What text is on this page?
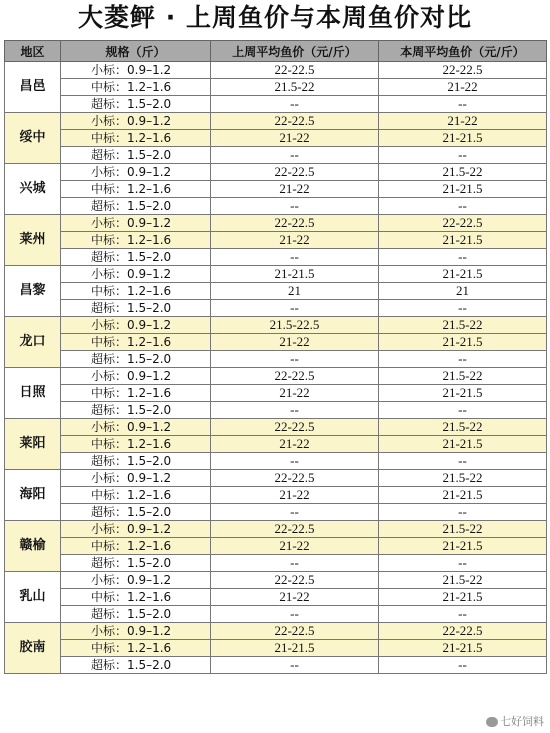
大菱鲆 · 上周鱼价与本周鱼价对比
地区	规格（斤）	上周平均鱼价（元/斤）	本周平均鱼价（元/斤）
昌邑	小标：0.9–1.2	22-22.5	22-22.5
	中标：1.2–1.6	21.5-22	21-22
	超标：1.5–2.0	--	--
绥中	小标：0.9–1.2	22-22.5	21-22
	中标：1.2–1.6	21-22	21-21.5
	超标：1.5–2.0	--	--
兴城	小标：0.9–1.2	22-22.5	21.5-22
	中标：1.2–1.6	21-22	21-21.5
	超标：1.5–2.0	--	--
莱州	小标：0.9–1.2	22-22.5	22-22.5
	中标：1.2–1.6	21-22	21-21.5
	超标：1.5–2.0	--	--
昌黎	小标：0.9–1.2	21-21.5	21-21.5
	中标：1.2–1.6	21	21
	超标：1.5–2.0	--	--
龙口	小标：0.9–1.2	21.5-22.5	21.5-22
	中标：1.2–1.6	21-22	21-21.5
	超标：1.5–2.0	--	--
日照	小标：0.9–1.2	22-22.5	21.5-22
	中标：1.2–1.6	21-22	21-21.5
	超标：1.5–2.0	--	--
莱阳	小标：0.9–1.2	22-22.5	21.5-22
	中标：1.2–1.6	21-22	21-21.5
	超标：1.5–2.0	--	--
海阳	小标：0.9–1.2	22-22.5	21.5-22
	中标：1.2–1.6	21-22	21-21.5
	超标：1.5–2.0	--	--
赣榆	小标：0.9–1.2	22-22.5	21.5-22
	中标：1.2–1.6	21-22	21-21.5
	超标：1.5–2.0	--	--
乳山	小标：0.9–1.2	22-22.5	21.5-22
	中标：1.2–1.6	21-22	21-21.5
	超标：1.5–2.0	--	--
胶南	小标：0.9–1.2	22-22.5	22-22.5
	中标：1.2–1.6	21-21.5	21-21.5
	超标：1.5–2.0	--	--
七好饲料
